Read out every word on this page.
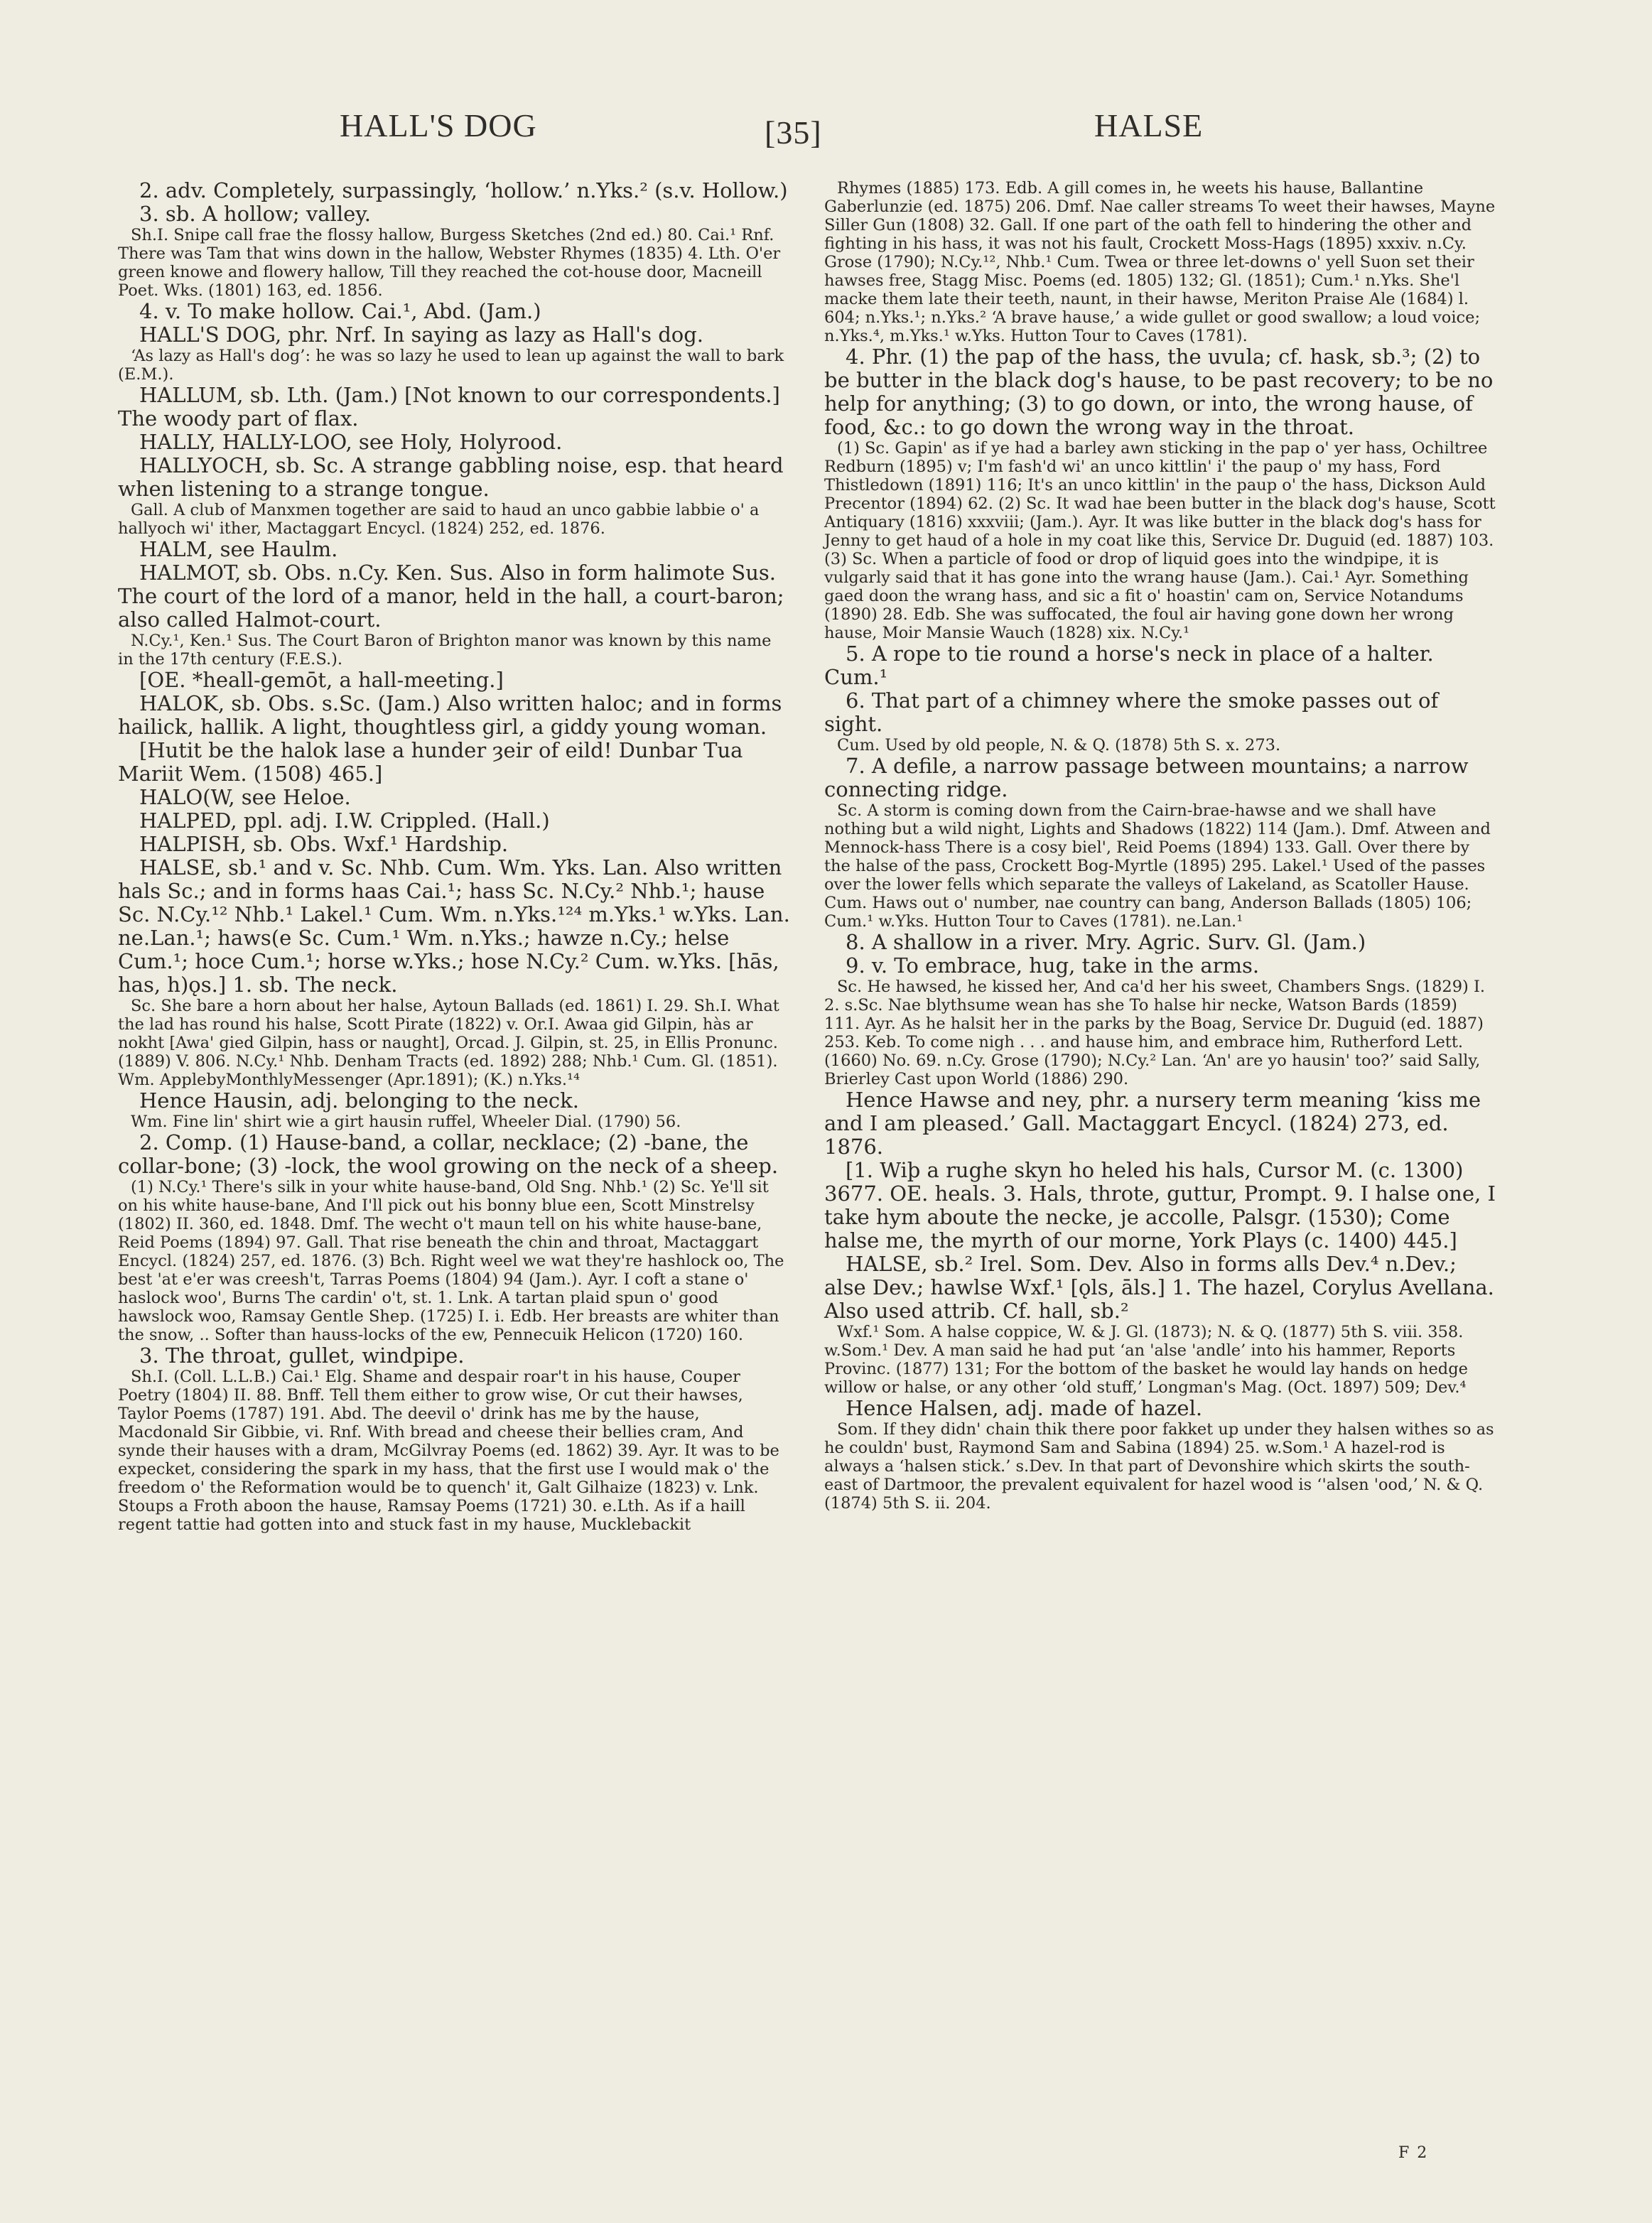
HALL'S DOG	[35]	HALSE

2. adv. Completely, surpassingly, ‘hollow.’ n.Yks.² (s.v. Hollow.)

3. sb. A hollow; valley.

Sh.I. Snipe call frae the flossy hallow, Burgess Sketches (2nd ed.) 80. Cai.¹ Rnf. There was Tam that wins down in the hallow, Webster Rhymes (1835) 4. Lth. O'er green knowe and flowery hallow, Till they reached the cot-house door, Macneill Poet. Wks. (1801) 163, ed. 1856.

4. v. To make hollow. Cai.¹, Abd. (Jam.)

HALL'S DOG, phr. Nrf. In saying as lazy as Hall's dog.

‘As lazy as Hall's dog’: he was so lazy he used to lean up against the wall to bark (E.M.).

HALLUM, sb. Lth. (Jam.) [Not known to our correspondents.] The woody part of flax.

HALLY, HALLY-LOO, see Holy, Holyrood.

HALLYOCH, sb. Sc. A strange gabbling noise, esp. that heard when listening to a strange tongue.

Gall. A club of Manxmen together are said to haud an unco gabbie labbie o' a hallyoch wi' ither, Mactaggart Encycl. (1824) 252, ed. 1876.

HALM, see Haulm.

HALMOT, sb. Obs. n.Cy. Ken. Sus. Also in form halimote Sus. The court of the lord of a manor, held in the hall, a court-baron; also called Halmot-court.

N.Cy.¹, Ken.¹ Sus. The Court Baron of Brighton manor was known by this name in the 17th century (F.E.S.).

[OE. *heall-gemōt, a hall-meeting.]

HALOK, sb. Obs. s.Sc. (Jam.) Also written haloc; and in forms hailick, hallik. A light, thoughtless girl, a giddy young woman.

[Hutit be the halok lase a hunder ȝeir of eild! Dunbar Tua Mariit Wem. (1508) 465.]

HALO(W, see Heloe.

HALPED, ppl. adj. I.W. Crippled. (Hall.)

HALPISH, sb. Obs. Wxf.¹ Hardship.

HALSE, sb.¹ and v. Sc. Nhb. Cum. Wm. Yks. Lan. Also written hals Sc.; and in forms haas Cai.¹; hass Sc. N.Cy.² Nhb.¹; hause Sc. N.Cy.¹² Nhb.¹ Lakel.¹ Cum. Wm. n.Yks.¹²⁴ m.Yks.¹ w.Yks. Lan. ne.Lan.¹; haws(e Sc. Cum.¹ Wm. n.Yks.; hawze n.Cy.; helse Cum.¹; hoce Cum.¹; horse w.Yks.; hose N.Cy.² Cum. w.Yks. [hās, has, h)ǫs.] 1. sb. The neck.

Sc. She bare a horn about her halse, Aytoun Ballads (ed. 1861) I. 29. Sh.I. What the lad has round his halse, Scott Pirate (1822) v. Or.I. Awaa gid Gilpin, hàs ar nokht [Awa' gied Gilpin, hass or naught], Orcad. J. Gilpin, st. 25, in Ellis Pronunc. (1889) V. 806. N.Cy.¹ Nhb. Denham Tracts (ed. 1892) 288; Nhb.¹ Cum. Gl. (1851). Wm. ApplebyMonthlyMessenger (Apr.1891); (K.) n.Yks.¹⁴

Hence Hausin, adj. belonging to the neck.

Wm. Fine lin' shirt wie a girt hausin ruffel, Wheeler Dial. (1790) 56.

2. Comp. (1) Hause-band, a collar, necklace; (2) -bane, the collar-bone; (3) -lock, the wool growing on the neck of a sheep.

(1) N.Cy.¹ There's silk in your white hause-band, Old Sng. Nhb.¹ (2) Sc. Ye'll sit on his white hause-bane, And I'll pick out his bonny blue een, Scott Minstrelsy (1802) II. 360, ed. 1848. Dmf. The wecht o't maun tell on his white hause-bane, Reid Poems (1894) 97. Gall. That rise beneath the chin and throat, Mactaggart Encycl. (1824) 257, ed. 1876. (3) Bch. Right weel we wat they're hashlock oo, The best 'at e'er was creesh't, Tarras Poems (1804) 94 (Jam.). Ayr. I coft a stane o' haslock woo', Burns The cardin' o't, st. 1. Lnk. A tartan plaid spun o' good hawslock woo, Ramsay Gentle Shep. (1725) I. i. Edb. Her breasts are whiter than the snow, .. Softer than hauss-locks of the ew, Pennecuik Helicon (1720) 160.

3. The throat, gullet, windpipe.

Sh.I. (Coll. L.L.B.) Cai.¹ Elg. Shame and despair roar't in his hause, Couper Poetry (1804) II. 88. Bnff. Tell them either to grow wise, Or cut their hawses, Taylor Poems (1787) 191. Abd. The deevil o' drink has me by the hause, Macdonald Sir Gibbie, vi. Rnf. With bread and cheese their bellies cram, And synde their hauses with a dram, McGilvray Poems (ed. 1862) 39. Ayr. It was to be expecket, considering the spark in my hass, that the first use I would mak o' the freedom o' the Reformation would be to quench' it, Galt Gilhaize (1823) v. Lnk. Stoups a Froth aboon the hause, Ramsay Poems (1721) 30. e.Lth. As if a haill regent tattie had gotten into and stuck fast in my hause, Mucklebackit

Rhymes (1885) 173. Edb. A gill comes in, he weets his hause, Ballantine Gaberlunzie (ed. 1875) 206. Dmf. Nae caller streams To weet their hawses, Mayne Siller Gun (1808) 32. Gall. If one part of the oath fell to hindering the other and fighting in his hass, it was not his fault, Crockett Moss-Hags (1895) xxxiv. n.Cy. Grose (1790); N.Cy.¹², Nhb.¹ Cum. Twea or three let-downs o' yell Suon set their hawses free, Stagg Misc. Poems (ed. 1805) 132; Gl. (1851); Cum.¹ n.Yks. She'l macke them late their teeth, naunt, in their hawse, Meriton Praise Ale (1684) l. 604; n.Yks.¹; n.Yks.² ‘A brave hause,’ a wide gullet or good swallow; a loud voice; n.Yks.⁴, m.Yks.¹ w.Yks. Hutton Tour to Caves (1781).

4. Phr. (1) the pap of the hass, the uvula; cf. hask, sb.³; (2) to be butter in the black dog's hause, to be past recovery; to be no help for anything; (3) to go down, or into, the wrong hause, of food, &c.: to go down the wrong way in the throat.

(1) Sc. Gapin' as if ye had a barley awn sticking in the pap o' yer hass, Ochiltree Redburn (1895) v; I'm fash'd wi' an unco kittlin' i' the paup o' my hass, Ford Thistledown (1891) 116; It's an unco kittlin' in the paup o' the hass, Dickson Auld Precentor (1894) 62. (2) Sc. It wad hae been butter in the black dog's hause, Scott Antiquary (1816) xxxviii; (Jam.). Ayr. It was like butter in the black dog's hass for Jenny to get haud of a hole in my coat like this, Service Dr. Duguid (ed. 1887) 103. (3) Sc. When a particle of food or drop of liquid goes into the windpipe, it is vulgarly said that it has gone into the wrang hause (Jam.). Cai.¹ Ayr. Something gaed doon the wrang hass, and sic a fit o' hoastin' cam on, Service Notandums (1890) 28. Edb. She was suffocated, the foul air having gone down her wrong hause, Moir Mansie Wauch (1828) xix. N.Cy.¹

5. A rope to tie round a horse's neck in place of a halter. Cum.¹

6. That part of a chimney where the smoke passes out of sight.

Cum. Used by old people, N. & Q. (1878) 5th S. x. 273.

7. A defile, a narrow passage between mountains; a narrow connecting ridge.

Sc. A storm is coming down from the Cairn-brae-hawse and we shall have nothing but a wild night, Lights and Shadows (1822) 114 (Jam.). Dmf. Atween and Mennock-hass There is a cosy biel', Reid Poems (1894) 133. Gall. Over there by the halse of the pass, Crockett Bog-Myrtle (1895) 295. Lakel.¹ Used of the passes over the lower fells which separate the valleys of Lakeland, as Scatoller Hause. Cum. Haws out o' number, nae country can bang, Anderson Ballads (1805) 106; Cum.¹ w.Yks. Hutton Tour to Caves (1781). ne.Lan.¹

8. A shallow in a river. Mry. Agric. Surv. Gl. (Jam.)

9. v. To embrace, hug, take in the arms.

Sc. He hawsed, he kissed her, And ca'd her his sweet, Chambers Sngs. (1829) I. 2. s.Sc. Nae blythsume wean has she To halse hir necke, Watson Bards (1859) 111. Ayr. As he halsit her in the parks by the Boag, Service Dr. Duguid (ed. 1887) 253. Keb. To come nigh . . . and hause him, and embrace him, Rutherford Lett. (1660) No. 69. n.Cy. Grose (1790); N.Cy.² Lan. ‘An' are yo hausin' too?’ said Sally, Brierley Cast upon World (1886) 290.

Hence Hawse and ney, phr. a nursery term meaning ‘kiss me and I am pleased.’ Gall. Mactaggart Encycl. (1824) 273, ed. 1876.

[1. Wiþ a rughe skyn ho heled his hals, Cursor M. (c. 1300) 3677. OE. heals. 3. Hals, throte, guttur, Prompt. 9. I halse one, I take hym aboute the necke, je accolle, Palsgr. (1530); Come halse me, the myrth of our morne, York Plays (c. 1400) 445.]

HALSE, sb.² Irel. Som. Dev. Also in forms alls Dev.⁴ n.Dev.; alse Dev.; hawlse Wxf.¹ [ǫls, āls.] 1. The hazel, Corylus Avellana. Also used attrib. Cf. hall, sb.²

Wxf.¹ Som. A halse coppice, W. & J. Gl. (1873); N. & Q. (1877) 5th S. viii. 358. w.Som.¹ Dev. A man said he had put ‘an 'alse 'andle’ into his hammer, Reports Provinc. (1877) 131; For the bottom of the basket he would lay hands on hedge willow or halse, or any other ‘old stuff,’ Longman's Mag. (Oct. 1897) 509; Dev.⁴

Hence Halsen, adj. made of hazel.

Som. If they didn' chain thik there poor fakket up under they halsen withes so as he couldn' bust, Raymond Sam and Sabina (1894) 25. w.Som.¹ A hazel-rod is always a ‘halsen stick.’ s.Dev. In that part of Devonshire which skirts the south-east of Dartmoor, the prevalent equivalent for hazel wood is ‘'alsen 'ood,’ N. & Q. (1874) 5th S. ii. 204.

F 2
